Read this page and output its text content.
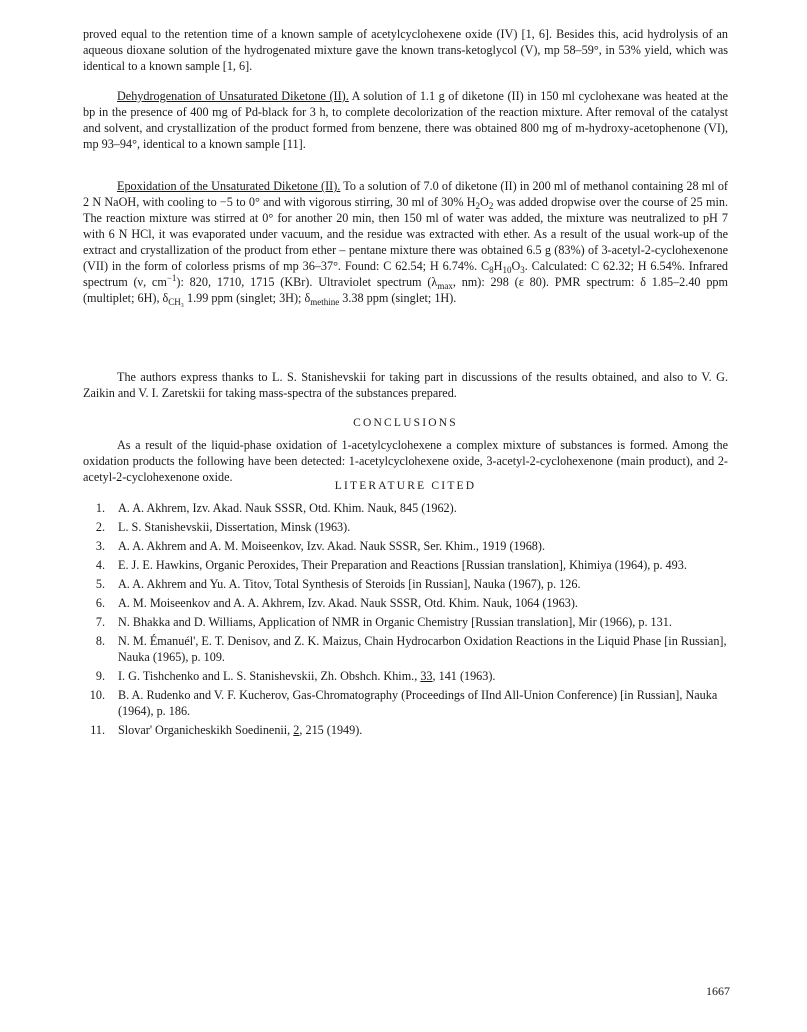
proved equal to the retention time of a known sample of acetylcyclohexene oxide (IV) [1, 6]. Besides this, acid hydrolysis of an aqueous dioxane solution of the hydrogenated mixture gave the known trans-ketoglycol (V), mp 58–59°, in 53% yield, which was identical to a known sample [1, 6].

Dehydrogenation of Unsaturated Diketone (II). A solution of 1.1 g of diketone (II) in 150 ml cyclohexane was heated at the bp in the presence of 400 mg of Pd-black for 3 h, to complete decolorization of the reaction mixture. After removal of the catalyst and solvent, and crystallization of the product formed from benzene, there was obtained 800 mg of m-hydroxy-acetophenone (VI), mp 93–94°, identical to a known sample [11].

Epoxidation of the Unsaturated Diketone (II). To a solution of 7.0 of diketone (II) in 200 ml of methanol containing 28 ml of 2 N NaOH, with cooling to −5 to 0° and with vigorous stirring, 30 ml of 30% $H_2O_2$ was added dropwise over the course of 25 min. The reaction mixture was stirred at 0° for another 20 min, then 150 ml of water was added, the mixture was neutralized to pH 7 with 6 N HCl, it was evaporated under vacuum, and the residue was extracted with ether. As a result of the usual work-up of the extract and crystallization of the product from ether – pentane mixture there was obtained 6.5 g (83%) of 3-acetyl-2-cyclohexenone (VII) in the form of colorless prisms of mp 36–37°. Found: C 62.54; H 6.74%. $C_8H_{10}O_3$. Calculated: C 62.32; H 6.54%. Infrared spectrum (ν, $cm^{-1}$): 820, 1710, 1715 (KBr). Ultraviolet spectrum ($\lambda_{max}$, nm): 298 (ε 80). PMR spectrum: δ 1.85–2.40 ppm (multiplet; 6H), $\delta_{CH_3}$ 1.99 ppm (singlet; 3H); $\delta_{methine}$ 3.38 ppm (singlet; 1H).

The authors express thanks to L. S. Stanishevskii for taking part in discussions of the results obtained, and also to V. G. Zaikin and V. I. Zaretskii for taking mass-spectra of the substances prepared.

CONCLUSIONS

As a result of the liquid-phase oxidation of 1-acetylcyclohexene a complex mixture of substances is formed. Among the oxidation products the following have been detected: 1-acetylcyclohexene oxide, 3-acetyl-2-cyclohexenone (main product), and 2-acetyl-2-cyclohexenone oxide.

LITERATURE CITED
1. A. A. Akhrem, Izv. Akad. Nauk SSSR, Otd. Khim. Nauk, 845 (1962).
2. L. S. Stanishevskii, Dissertation, Minsk (1963).
3. A. A. Akhrem and A. M. Moiseenkov, Izv. Akad. Nauk SSSR, Ser. Khim., 1919 (1968).
4. E. J. E. Hawkins, Organic Peroxides, Their Preparation and Reactions [Russian translation], Khimiya (1964), p. 493.
5. A. A. Akhrem and Yu. A. Titov, Total Synthesis of Steroids [in Russian], Nauka (1967), p. 126.
6. A. M. Moiseenkov and A. A. Akhrem, Izv. Akad. Nauk SSSR, Otd. Khim. Nauk, 1064 (1963).
7. N. Bhakka and D. Williams, Application of NMR in Organic Chemistry [Russian translation], Mir (1966), p. 131.
8. N. M. Émanuél', E. T. Denisov, and Z. K. Maizus, Chain Hydrocarbon Oxidation Reactions in the Liquid Phase [in Russian], Nauka (1965), p. 109.
9. I. G. Tishchenko and L. S. Stanishevskii, Zh. Obshch. Khim., 33, 141 (1963).
10. B. A. Rudenko and V. F. Kucherov, Gas-Chromatography (Proceedings of IInd All-Union Conference) [in Russian], Nauka (1964), p. 186.
11. Slovar' Organicheskikh Soedinenii, 2, 215 (1949).
1667
